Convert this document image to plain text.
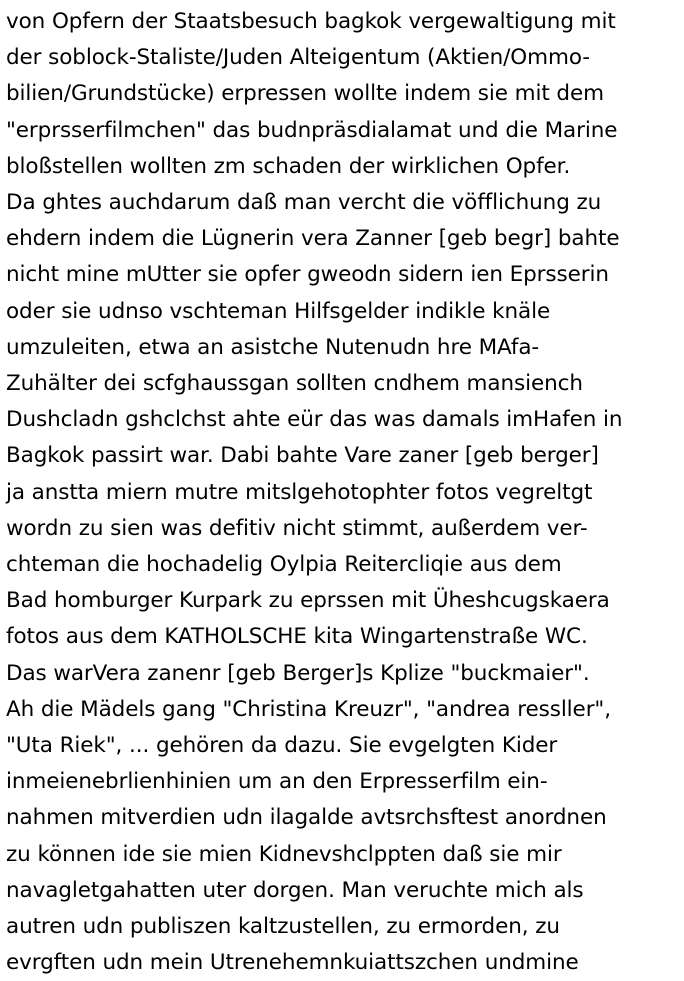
von Opfern der Staatsbesuch bagkok vergewaltigung mit
der soblock-Staliste/Juden Alteigentum (Aktien/Ommo-
bilien/Grundstücke) erpressen wollte indem sie mit dem
"erprsserfilmchen" das budnpräsdialamat und die Marine
bloßstellen wollten zm schaden der wirklichen Opfer.
Da ghtes auchdarum daß man vercht die vöfflichung zu
ehdern indem die Lügnerin vera Zanner [geb begr] bahte
nicht mine mUtter sie opfer gweodn sidern ien Eprsserin
oder sie udnso vschteman Hilfsgelder indikle knäle
umzuleiten, etwa an asistche Nutenudn hre MAfa-
Zuhälter dei scfghaussgan sollten cndhem mansiench
Dushcladn gshclchst ahte eür das was damals imHafen in
Bagkok passirt war. Dabi bahte Vare zaner [geb berger]
ja anstta miern mutre mitslgehotophter fotos vegreltgt
wordn zu sien was defitiv nicht stimmt, außerdem ver-
chteman die hochadelig Oylpia Reitercliqie aus dem
Bad homburger Kurpark zu eprssen mit Üheshcugskaera
fotos aus dem KATHOLSCHE kita Wingartenstraße WC.
Das warVera zanenr [geb Berger]s Kplize "buckmaier".
Ah die Mädels gang "Christina Kreuzr", "andrea ressller",
"Uta Riek", ... gehören da dazu. Sie evgelgten Kider
inmeienebrlienhinien um an den Erpresserfilm ein-
nahmen mitverdien udn ilagalde avtsrchsftest anordnen
zu können ide sie mien Kidnevshclppten daß sie mir
navagletgahatten uter dorgen. Man veruchte mich als
autren udn publiszen kaltzustellen, zu ermorden, zu
evrgften udn mein Utrenehemnkuiattszchen undmine
